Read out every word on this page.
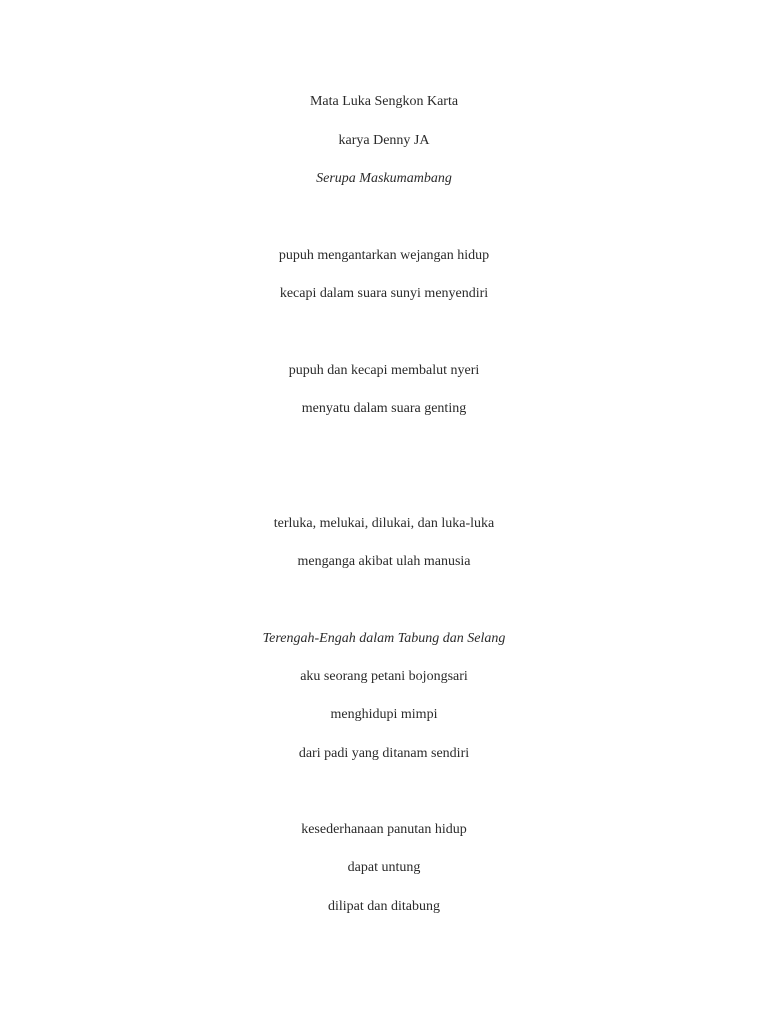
Mata Luka Sengkon Karta
karya Denny JA
Serupa Maskumambang
pupuh mengantarkan wejangan hidup
kecapi dalam suara sunyi menyendiri
pupuh dan kecapi membalut nyeri
menyatu dalam suara genting
terluka, melukai, dilukai, dan luka-luka
menganga akibat ulah manusia
Terengah-Engah dalam Tabung dan Selang
aku seorang petani bojongsari
menghidupi mimpi
dari padi yang ditanam sendiri
kesederhanaan panutan hidup
dapat untung
dilipat dan ditabung
